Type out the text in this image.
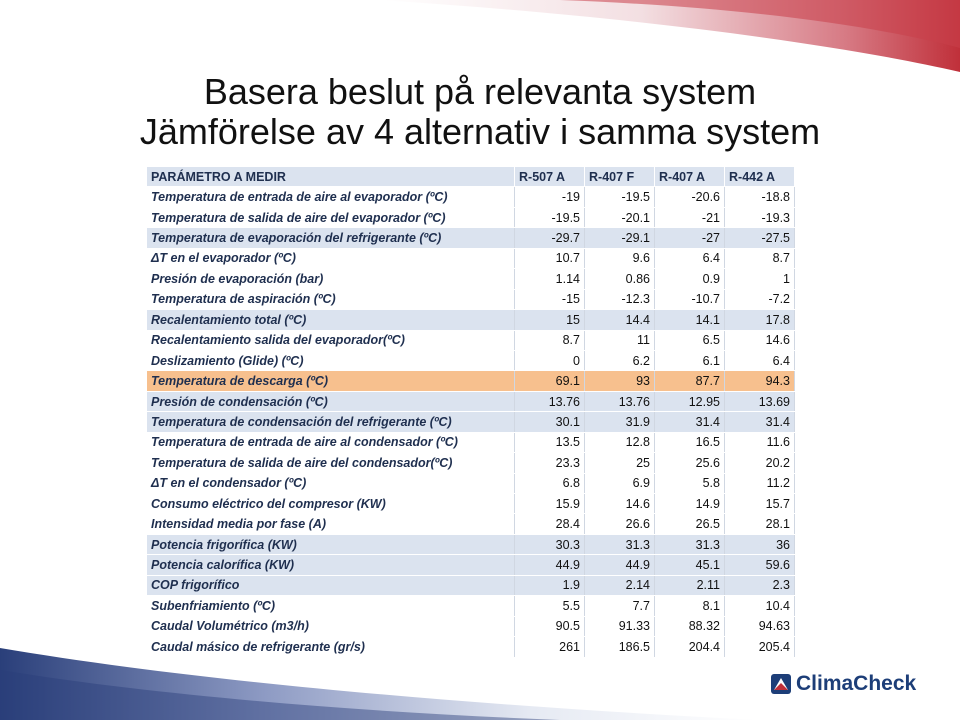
Basera beslut på relevanta system
Jämförelse av 4 alternativ i samma system
PARÁMETRO A MEDIR	R-507 A	R-407 F	R-407 A	R-442 A
Temperatura de entrada de aire al evaporador (ºC)	-19	-19.5	-20.6	-18.8
Temperatura de salida de aire del evaporador (ºC)	-19.5	-20.1	-21	-19.3
Temperatura de evaporación del refrigerante (ºC)	-29.7	-29.1	-27	-27.5
ΔT en el evaporador (ºC)	10.7	9.6	6.4	8.7
Presión de evaporación (bar)	1.14	0.86	0.9	1
Temperatura de aspiración (ºC)	-15	-12.3	-10.7	-7.2
Recalentamiento total (ºC)	15	14.4	14.1	17.8
Recalentamiento salida del evaporador(ºC)	8.7	11	6.5	14.6
Deslizamiento (Glide) (ºC)	0	6.2	6.1	6.4
Temperatura de descarga (ºC)	69.1	93	87.7	94.3
Presión de condensación (ºC)	13.76	13.76	12.95	13.69
Temperatura de condensación del refrigerante (ºC)	30.1	31.9	31.4	31.4
Temperatura de entrada de aire al condensador (ºC)	13.5	12.8	16.5	11.6
Temperatura de salida de aire del condensador(ºC)	23.3	25	25.6	20.2
ΔT en el condensador (ºC)	6.8	6.9	5.8	11.2
Consumo eléctrico del compresor (KW)	15.9	14.6	14.9	15.7
Intensidad media por fase (A)	28.4	26.6	26.5	28.1
Potencia frigorífica (KW)	30.3	31.3	31.3	36
Potencia calorífica (KW)	44.9	44.9	45.1	59.6
COP frigorífico	1.9	2.14	2.11	2.3
Subenfriamiento (ºC)	5.5	7.7	8.1	10.4
Caudal Volumétrico (m3/h)	90.5	91.33	88.32	94.63
Caudal másico de refrigerante (gr/s)	261	186.5	204.4	205.4
ClimaCheck
